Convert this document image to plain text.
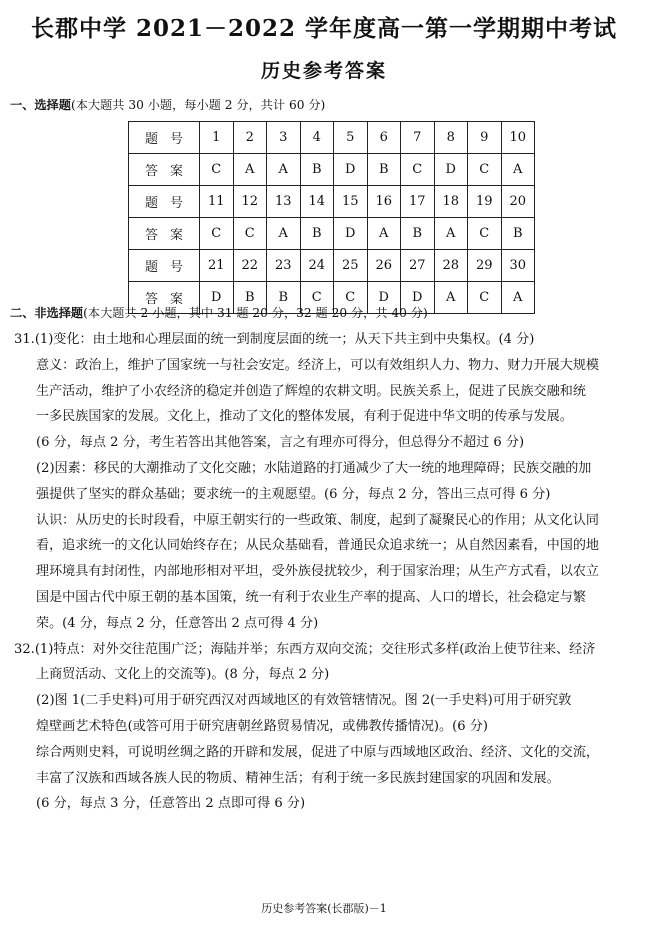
长郡中学 2021－2022 学年度高一第一学期期中考试
历史参考答案
一、选择题(本大题共 30 小题，每小题 2 分，共计 60 分)
题号	1	2	3	4	5	6	7	8	9	10
答案	C	A	A	B	D	B	C	D	C	A
题号	11	12	13	14	15	16	17	18	19	20
答案	C	C	A	B	D	A	B	A	C	B
题号	21	22	23	24	25	26	27	28	29	30
答案	D	B	B	C	C	D	D	A	C	A
二、非选择题(本大题共 2 小题，其中 31 题 20 分，32 题 20 分，共 40 分)
31.(1)变化：由土地和心理层面的统一到制度层面的统一；从天下共主到中央集权。(4 分)
意义：政治上，维护了国家统一与社会安定。经济上，可以有效组织人力、物力、财力开展大规模
生产活动，维护了小农经济的稳定并创造了辉煌的农耕文明。民族关系上，促进了民族交融和统
一多民族国家的发展。文化上，推动了文化的整体发展，有利于促进中华文明的传承与发展。
(6 分，每点 2 分，考生若答出其他答案，言之有理亦可得分，但总得分不超过 6 分)
(2)因素：移民的大潮推动了文化交融；水陆道路的打通减少了大一统的地理障碍；民族交融的加
强提供了坚实的群众基础；要求统一的主观愿望。(6 分，每点 2 分，答出三点可得 6 分)
认识：从历史的长时段看，中原王朝实行的一些政策、制度，起到了凝聚民心的作用；从文化认同
看，追求统一的文化认同始终存在；从民众基础看，普通民众追求统一；从自然因素看，中国的地
理环境具有封闭性，内部地形相对平坦，受外族侵扰较少，利于国家治理；从生产方式看，以农立
国是中国古代中原王朝的基本国策，统一有利于农业生产率的提高、人口的增长，社会稳定与繁
荣。(4 分，每点 2 分，任意答出 2 点可得 4 分)
32.(1)特点：对外交往范围广泛；海陆并举；东西方双向交流；交往形式多样(政治上使节往来、经济
上商贸活动、文化上的交流等)。(8 分，每点 2 分)
(2)图 1(二手史料)可用于研究西汉对西域地区的有效管辖情况。图 2(一手史料)可用于研究敦
煌壁画艺术特色(或答可用于研究唐朝丝路贸易情况，或佛教传播情况)。(6 分)
综合两则史料，可说明丝绸之路的开辟和发展，促进了中原与西域地区政治、经济、文化的交流，
丰富了汉族和西域各族人民的物质、精神生活；有利于统一多民族封建国家的巩固和发展。
(6 分，每点 3 分，任意答出 2 点即可得 6 分)
历史参考答案(长郡版)－1
